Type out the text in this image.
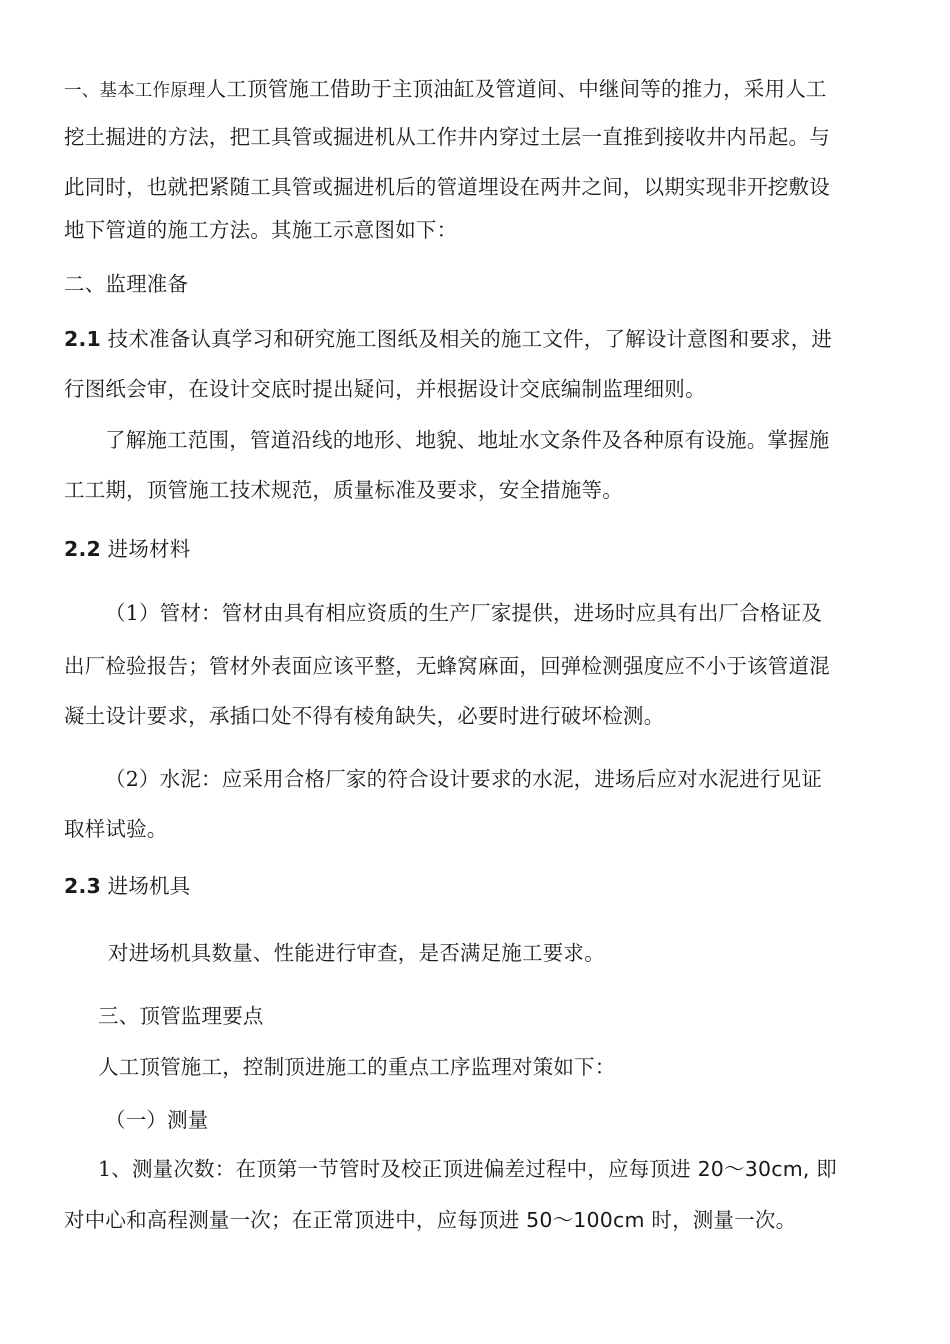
一、基本工作原理人工顶管施工借助于主顶油缸及管道间、中继间等的推力，采用人工
挖土掘进的方法，把工具管或掘进机从工作井内穿过土层一直推到接收井内吊起。与
此同时，也就把紧随工具管或掘进机后的管道埋设在两井之间，以期实现非开挖敷设
地下管道的施工方法。其施工示意图如下：
二、监理准备
2.1 技术准备认真学习和研究施工图纸及相关的施工文件，了解设计意图和要求，进
行图纸会审，在设计交底时提出疑问，并根据设计交底编制监理细则。
了解施工范围，管道沿线的地形、地貌、地址水文条件及各种原有设施。掌握施
工工期，顶管施工技术规范，质量标准及要求，安全措施等。
2.2 进场材料
（1）管材：管材由具有相应资质的生产厂家提供，进场时应具有出厂合格证及
出厂检验报告；管材外表面应该平整，无蜂窝麻面，回弹检测强度应不小于该管道混
凝土设计要求，承插口处不得有棱角缺失，必要时进行破坏检测。
（2）水泥：应采用合格厂家的符合设计要求的水泥，进场后应对水泥进行见证
取样试验。
2.3 进场机具
对进场机具数量、性能进行审查，是否满足施工要求。
三、顶管监理要点
人工顶管施工，控制顶进施工的重点工序监理对策如下：
（一）测量
1、测量次数：在顶第一节管时及校正顶进偏差过程中，应每顶进 20〜30cm, 即
对中心和高程测量一次；在正常顶进中，应每顶进 50〜100cm 时，测量一次。
